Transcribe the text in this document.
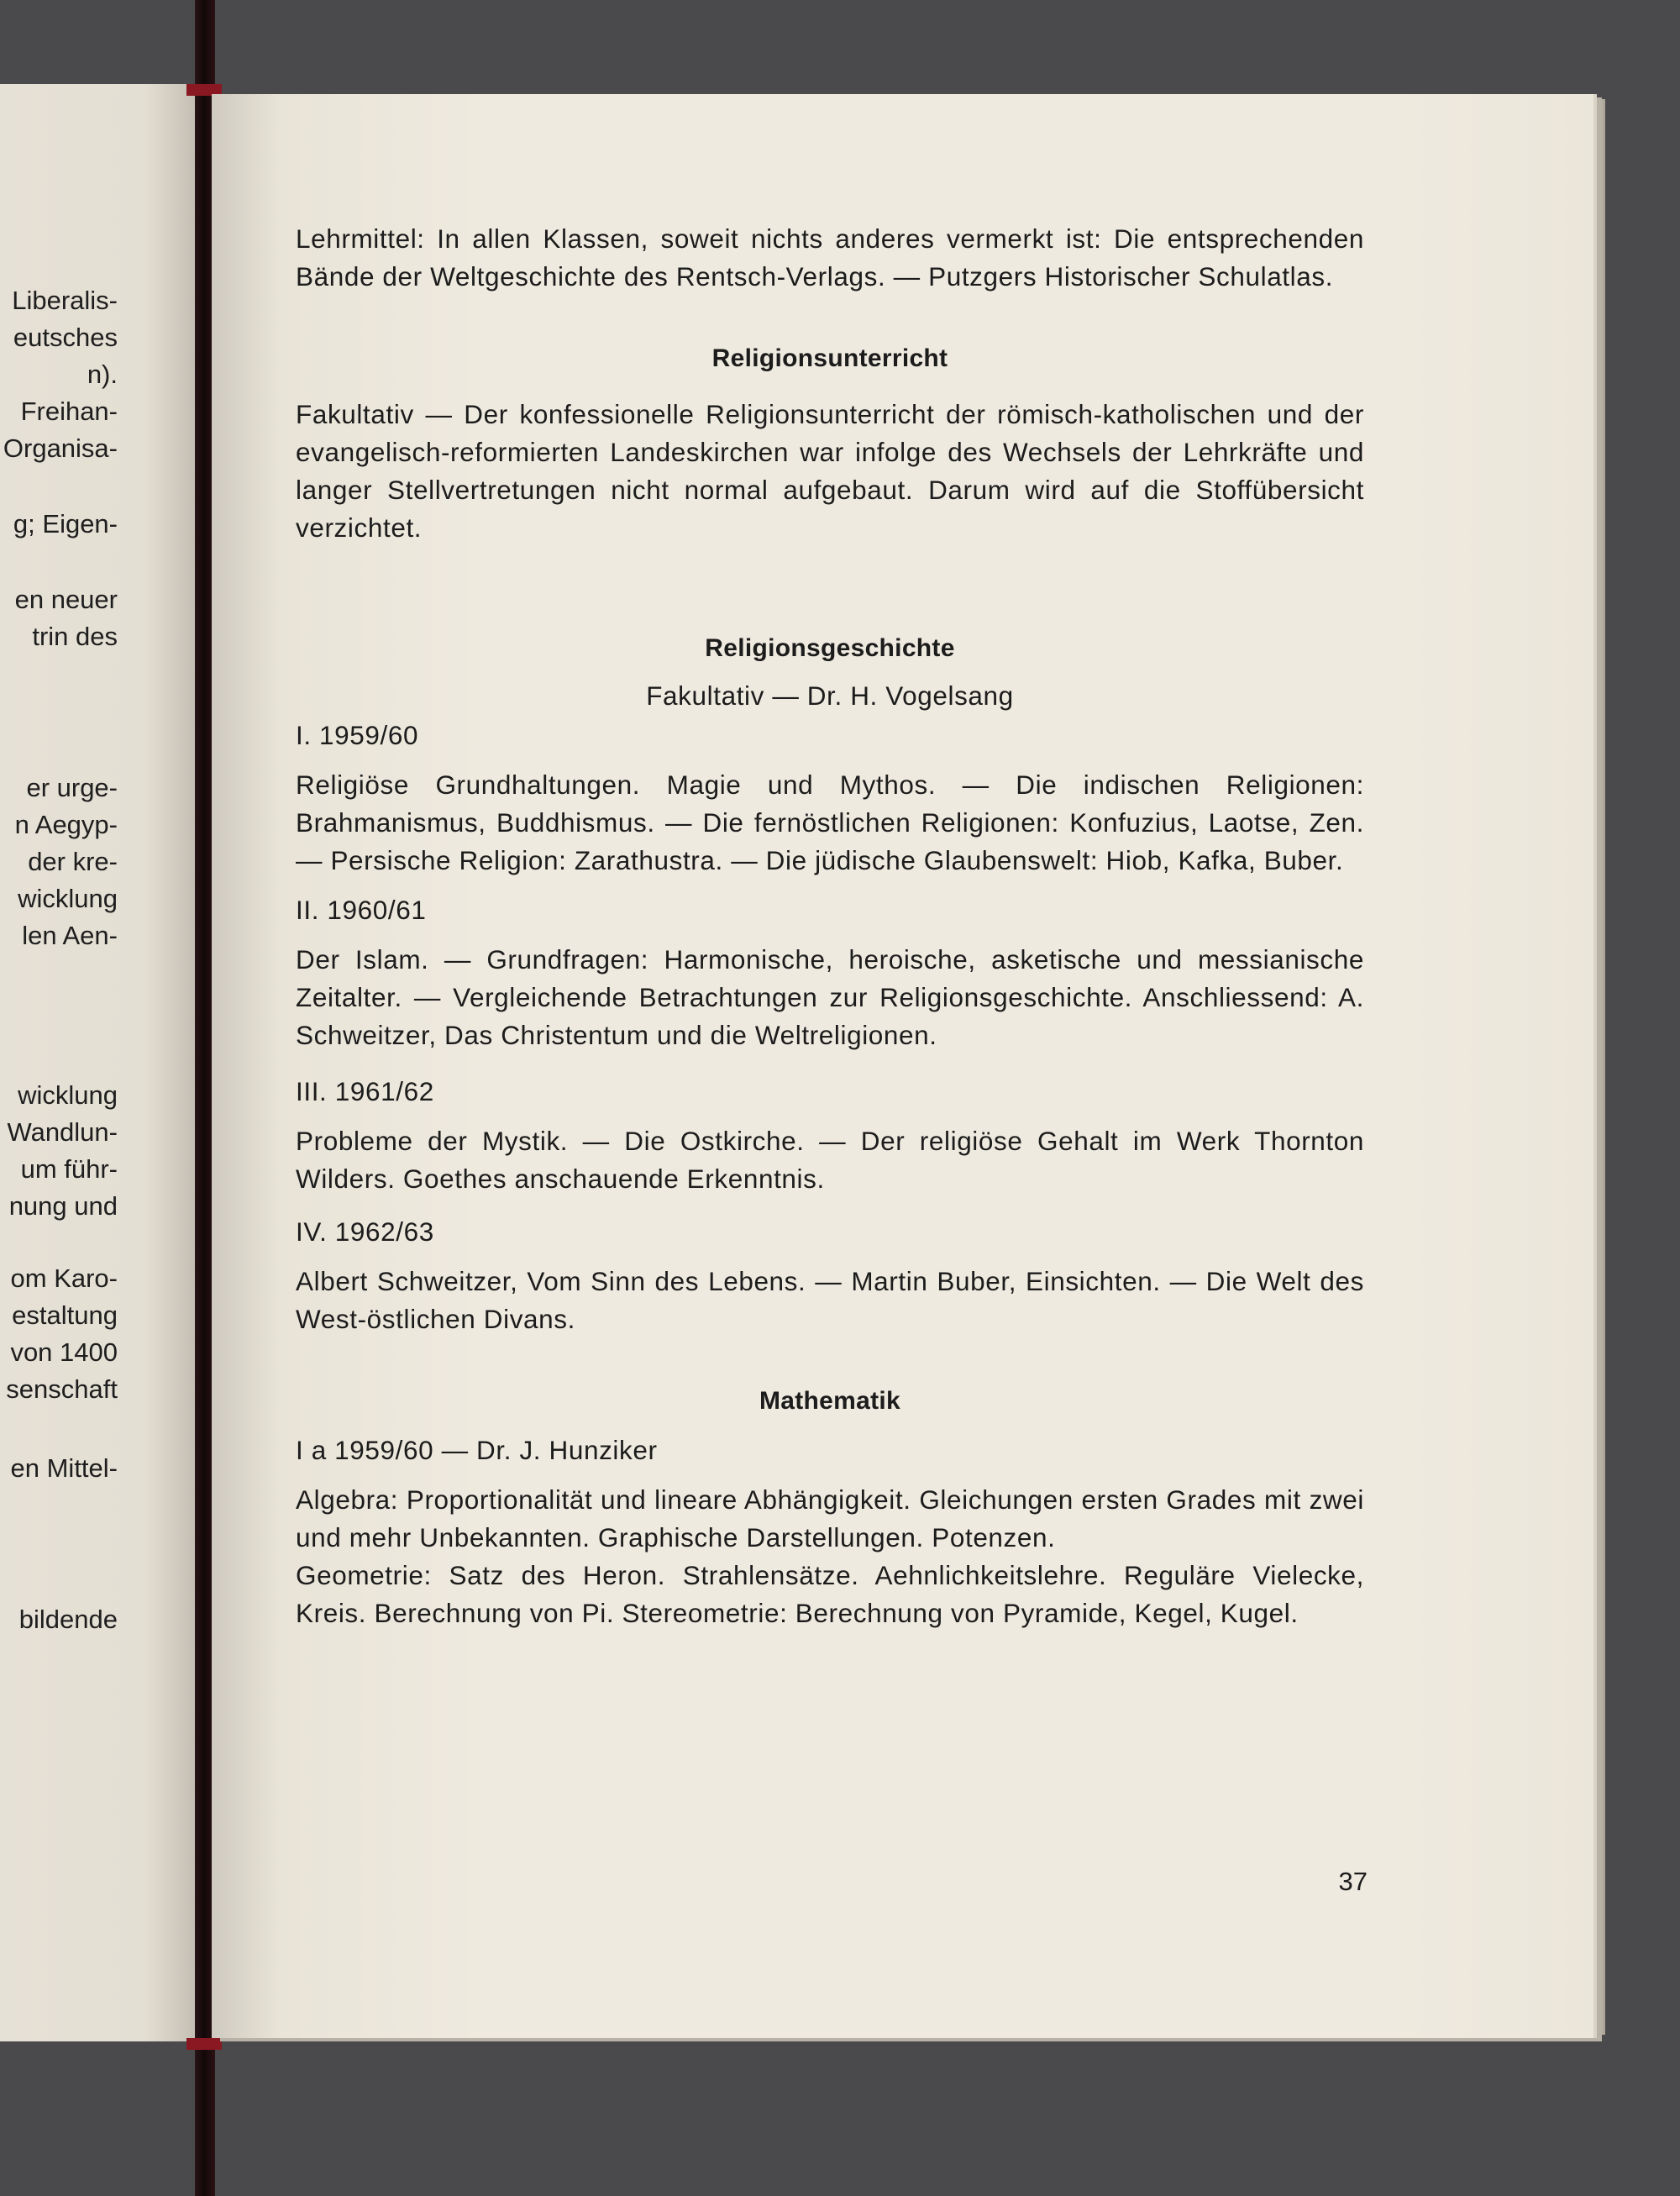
Liberalis-
eutsches
n).
Freihan-
Organisa-
g; Eigen-
en neuer
trin des
er urge-
n Aegyp-
der kre-
wicklung
len Aen-
wicklung
Wandlun-
um führ-
nung und
om Karo-
estaltung
von 1400
senschaft
en Mittel-
bildende

Lehrmittel: In allen Klassen, soweit nichts anderes vermerkt ist: Die entsprechenden Bände der Weltgeschichte des Rentsch-Verlags. — Putzgers Historischer Schulatlas.

Religionsunterricht

Fakultativ — Der konfessionelle Religionsunterricht der römisch-katholischen und der evangelisch-reformierten Landeskirchen war infolge des Wechsels der Lehrkräfte und langer Stellvertretungen nicht normal aufgebaut. Darum wird auf die Stoffübersicht verzichtet.

Religionsgeschichte

Fakultativ — Dr. H. Vogelsang

I. 1959/60

Religiöse Grundhaltungen. Magie und Mythos. — Die indischen Religionen: Brahmanismus, Buddhismus. — Die fernöstlichen Religionen: Konfuzius, Laotse, Zen. — Persische Religion: Zarathustra. — Die jüdische Glaubenswelt: Hiob, Kafka, Buber.

II. 1960/61

Der Islam. — Grundfragen: Harmonische, heroische, asketische und messianische Zeitalter. — Vergleichende Betrachtungen zur Religionsgeschichte. Anschliessend: A. Schweitzer, Das Christentum und die Weltreligionen.

III. 1961/62

Probleme der Mystik. — Die Ostkirche. — Der religiöse Gehalt im Werk Thornton Wilders. Goethes anschauende Erkenntnis.

IV. 1962/63

Albert Schweitzer, Vom Sinn des Lebens. — Martin Buber, Einsichten. — Die Welt des West-östlichen Divans.

Mathematik

I a 1959/60 — Dr. J. Hunziker

Algebra: Proportionalität und lineare Abhängigkeit. Gleichungen ersten Grades mit zwei und mehr Unbekannten. Graphische Darstellungen. Potenzen.

Geometrie: Satz des Heron. Strahlensätze. Aehnlichkeitslehre. Reguläre Vielecke, Kreis. Berechnung von Pi. Stereometrie: Berechnung von Pyramide, Kegel, Kugel.

37
